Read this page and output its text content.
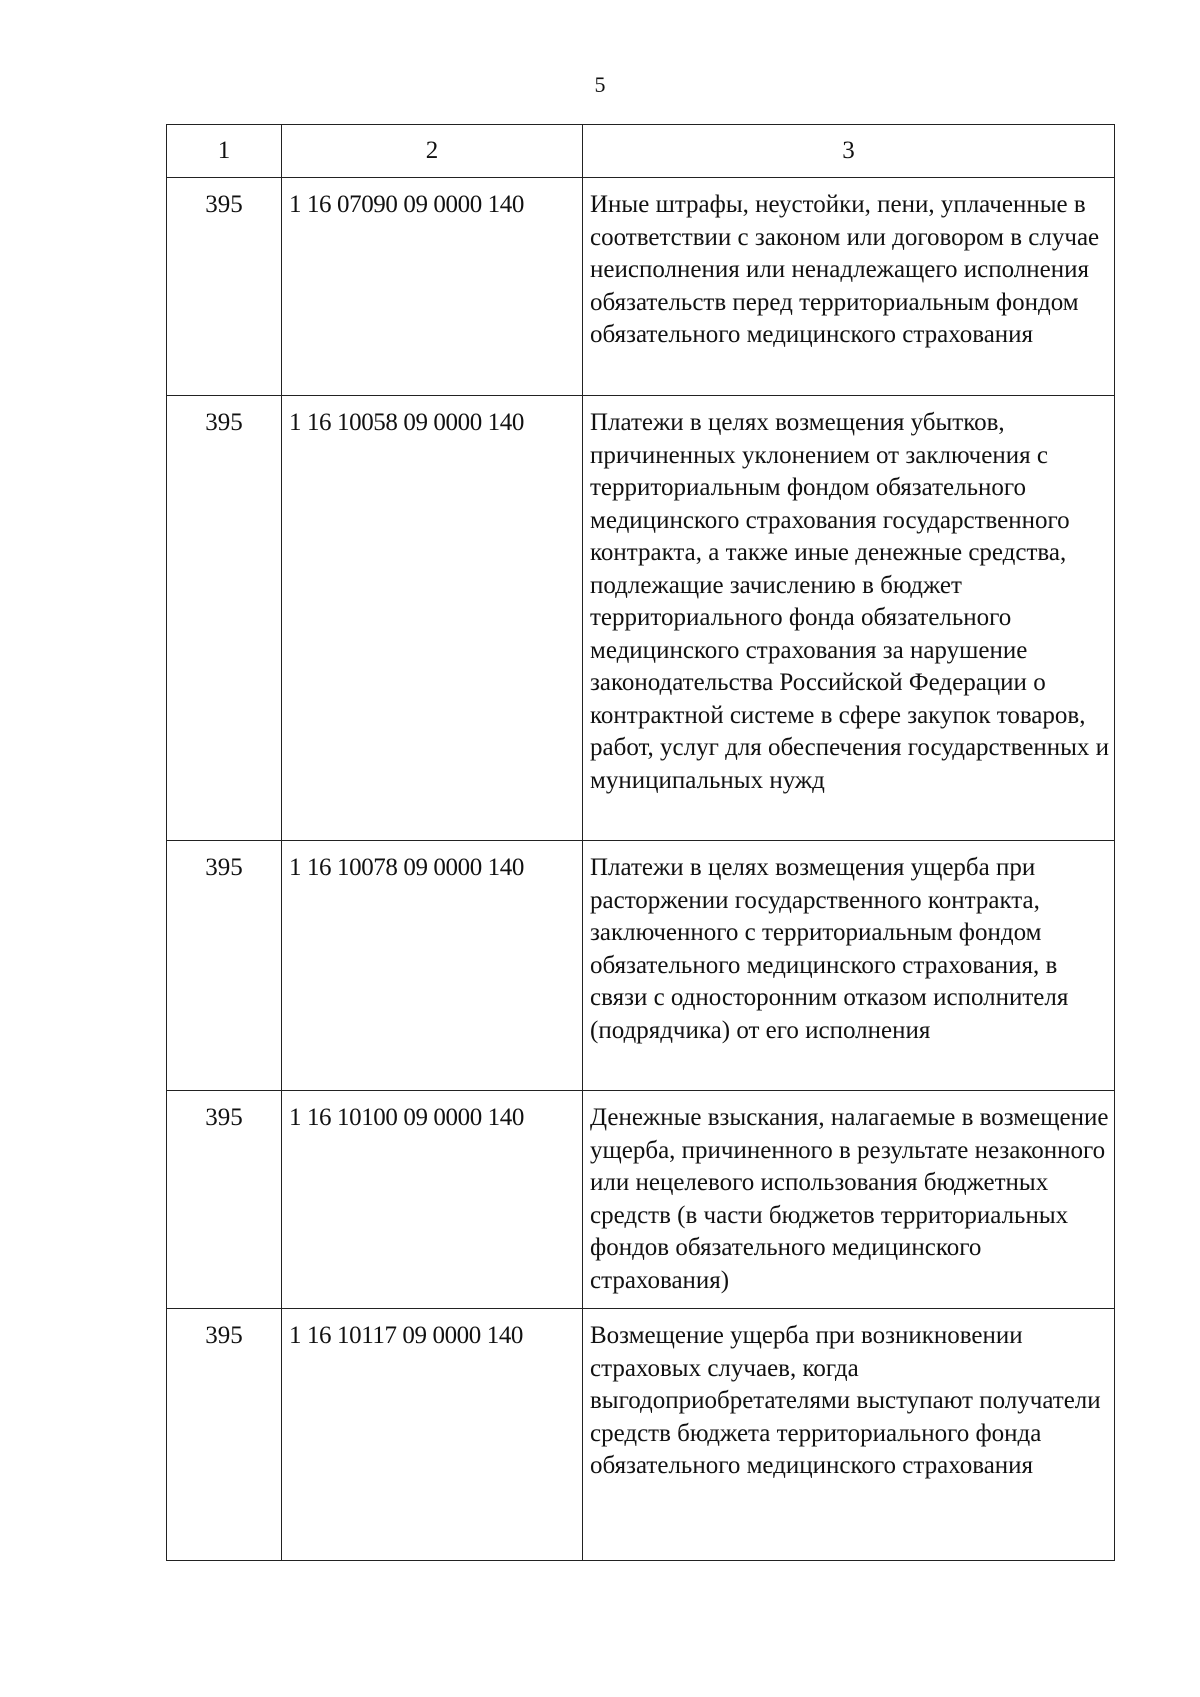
5
1	2	3
395	1 16 07090 09 0000 140	Иные штрафы, неустойки, пени, уплаченные в соответствии с законом или договором в случае неисполнения или ненадлежащего исполнения обязательств перед территориальным фондом обязательного медицинского страхования
395	1 16 10058 09 0000 140	Платежи в целях возмещения убытков, причиненных уклонением от заключения с территориальным фондом обязательного медицинского страхования государственного контракта, а также иные денежные средства, подлежащие зачислению в бюджет территориального фонда обязательного медицинского страхования за нарушение законодательства Российской Федерации о контрактной системе в сфере закупок товаров, работ, услуг для обеспечения государственных и муниципальных нужд
395	1 16 10078 09 0000 140	Платежи в целях возмещения ущерба при расторжении государственного контракта, заключенного с территориальным фондом обязательного медицинского страхования, в связи с односторонним отказом исполнителя (подрядчика) от его исполнения
395	1 16 10100 09 0000 140	Денежные взыскания, налагаемые в возмещение ущерба, причиненного в результате незаконного или нецелевого использования бюджетных средств (в части бюджетов территориальных фондов обязательного медицинского страхования)
395	1 16 10117 09 0000 140	Возмещение ущерба при возникновении страховых случаев, когда выгодоприобретателями выступают получатели средств бюджета территориального фонда обязательного медицинского страхования
